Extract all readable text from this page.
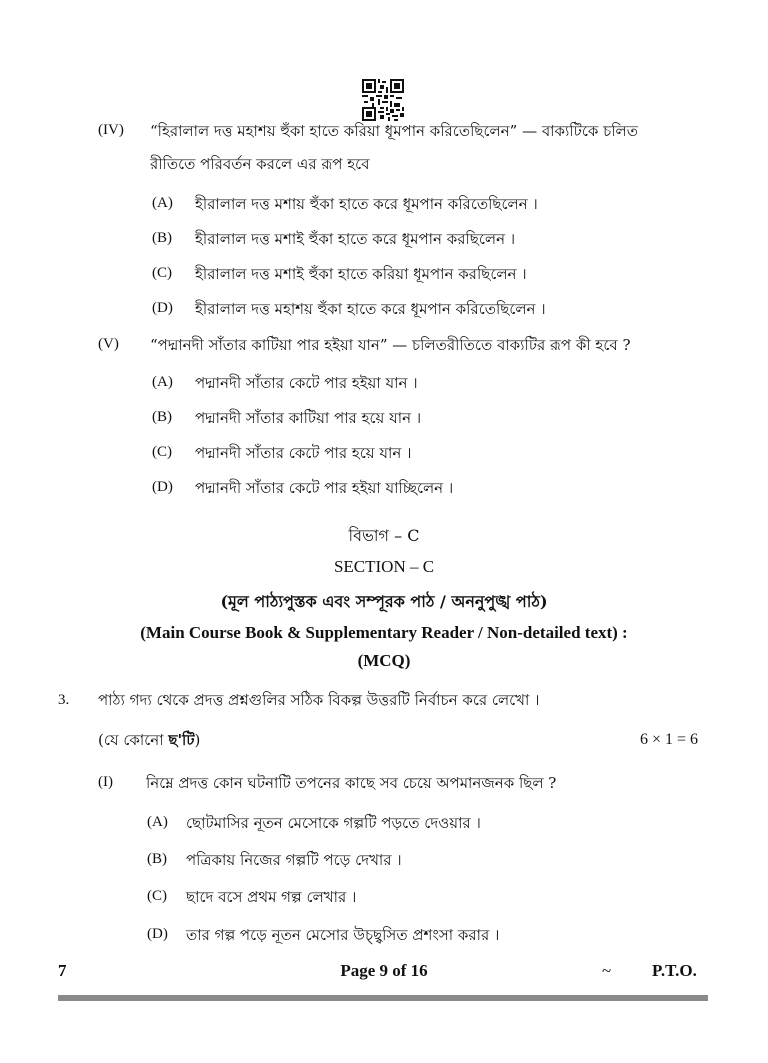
(IV) “হিরালাল দত্ত মহাশয় হুঁকা হাতে করিয়া ধূমপান করিতেছিলেন” — বাক্যটিকে চলিত
রীতিতে পরিবর্তন করলে এর রূপ হবে
(A) হীরালাল দত্ত মশায় হুঁকা হাতে করে ধূমপান করিতেছিলেন ।
(B) হীরালাল দত্ত মশাই হুঁকা হাতে করে ধূমপান করছিলেন ।
(C) হীরালাল দত্ত মশাই হুঁকা হাতে করিয়া ধূমপান করছিলেন ।
(D) হীরালাল দত্ত মহাশয় হুঁকা হাতে করে ধূমপান করিতেছিলেন ।
(V) “পদ্মানদী সাঁতার কাটিয়া পার হইয়া যান” — চলিতরীতিতে বাক্যটির রূপ কী হবে ?
(A) পদ্মানদী সাঁতার কেটে পার হইয়া যান ।
(B) পদ্মানদী সাঁতার কাটিয়া পার হয়ে যান ।
(C) পদ্মানদী সাঁতার কেটে পার হয়ে যান ।
(D) পদ্মানদী সাঁতার কেটে পার হইয়া যাচ্ছিলেন ।
বিভাগ – C
SECTION – C
(মূল পাঠ্যপুস্তক এবং সম্পূরক পাঠ / অননুপুঙ্খ পাঠ)
(Main Course Book & Supplementary Reader / Non-detailed text) :
(MCQ)
3. পাঠ্য গদ্য থেকে প্রদত্ত প্রশ্নগুলির সঠিক বিকল্প উত্তরটি নির্বাচন করে লেখো ।
(যে কোনো ছ'টি)	6 × 1 = 6
(I) নিম্নে প্রদত্ত কোন ঘটনাটি তপনের কাছে সব চেয়ে অপমানজনক ছিল ?
(A) ছোটমাসির নূতন মেসোকে গল্পটি পড়তে দেওয়ার ।
(B) পত্রিকায় নিজের গল্পটি পড়ে দেখার ।
(C) ছাদে বসে প্রথম গল্প লেখার ।
(D) তার গল্প পড়ে নূতন মেসোর উচ্ছ্বসিত প্রশংসা করার ।
7	Page 9 of 16	~ P.T.O.
